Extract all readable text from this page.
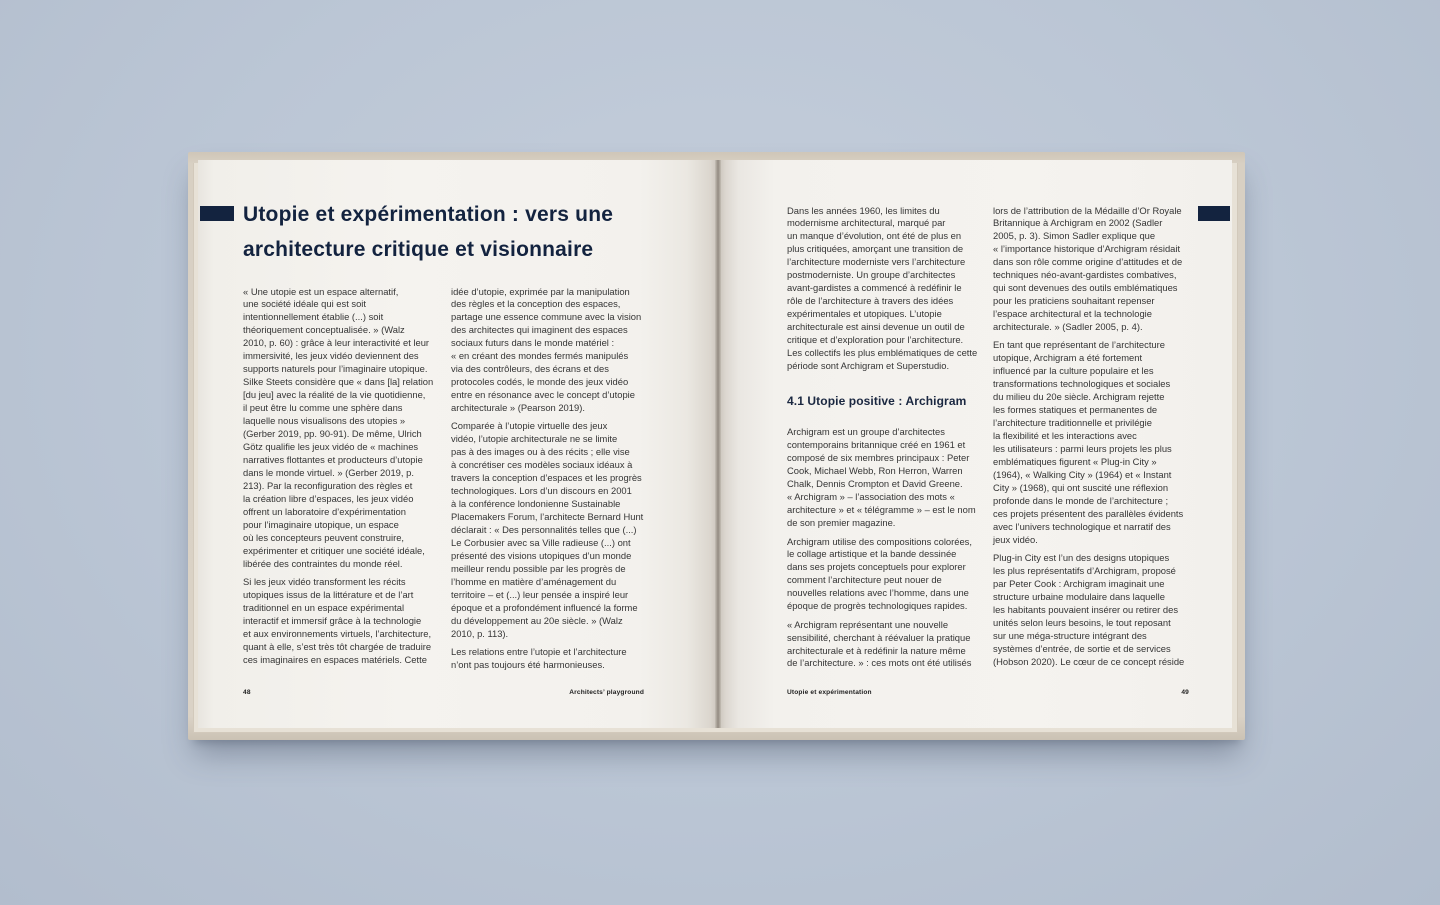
Utopie et expérimentation : vers une
architecture critique et visionnaire

« Une utopie est un espace alternatif,
une société idéale qui est soit
intentionnellement établie (...) soit
théoriquement conceptualisée. » (Walz
2010, p. 60) : grâce à leur interactivité et leur
immersivité, les jeux vidéo deviennent des
supports naturels pour l’imaginaire utopique.
Silke Steets considère que « dans [la] relation
[du jeu] avec la réalité de la vie quotidienne,
il peut être lu comme une sphère dans
laquelle nous visualisons des utopies »
(Gerber 2019, pp. 90-91). De même, Ulrich
Götz qualifie les jeux vidéo de « machines
narratives flottantes et producteurs d’utopie
dans le monde virtuel. » (Gerber 2019, p.
213). Par la reconfiguration des règles et
la création libre d’espaces, les jeux vidéo
offrent un laboratoire d’expérimentation
pour l’imaginaire utopique, un espace
où les concepteurs peuvent construire,
expérimenter et critiquer une société idéale,
libérée des contraintes du monde réel.

Si les jeux vidéo transforment les récits
utopiques issus de la littérature et de l’art
traditionnel en un espace expérimental
interactif et immersif grâce à la technologie
et aux environnements virtuels, l’architecture,
quant à elle, s’est très tôt chargée de traduire
ces imaginaires en espaces matériels. Cette

idée d’utopie, exprimée par la manipulation
des règles et la conception des espaces,
partage une essence commune avec la vision
des architectes qui imaginent des espaces
sociaux futurs dans le monde matériel :
« en créant des mondes fermés manipulés
via des contrôleurs, des écrans et des
protocoles codés, le monde des jeux vidéo
entre en résonance avec le concept d’utopie
architecturale » (Pearson 2019).

Comparée à l’utopie virtuelle des jeux
vidéo, l’utopie architecturale ne se limite
pas à des images ou à des récits ; elle vise
à concrétiser ces modèles sociaux idéaux à
travers la conception d’espaces et les progrès
technologiques. Lors d’un discours en 2001
à la conférence londonienne Sustainable
Placemakers Forum, l’architecte Bernard Hunt
déclarait : « Des personnalités telles que (...)
Le Corbusier avec sa Ville radieuse (...) ont
présenté des visions utopiques d’un monde
meilleur rendu possible par les progrès de
l’homme en matière d’aménagement du
territoire – et (...) leur pensée a inspiré leur
époque et a profondément influencé la forme
du développement au 20e siècle. » (Walz
2010, p. 113).

Les relations entre l’utopie et l’architecture
n’ont pas toujours été harmonieuses.

48	Architects’ playground

Dans les années 1960, les limites du
modernisme architectural, marqué par
un manque d’évolution, ont été de plus en
plus critiquées, amorçant une transition de
l’architecture moderniste vers l’architecture
postmoderniste. Un groupe d’architectes
avant-gardistes a commencé à redéfinir le
rôle de l’architecture à travers des idées
expérimentales et utopiques. L’utopie
architecturale est ainsi devenue un outil de
critique et d’exploration pour l’architecture.
Les collectifs les plus emblématiques de cette
période sont Archigram et Superstudio.

4.1 Utopie positive : Archigram

Archigram est un groupe d’architectes
contemporains britannique créé en 1961 et
composé de six membres principaux : Peter
Cook, Michael Webb, Ron Herron, Warren
Chalk, Dennis Crompton et David Greene.
« Archigram » – l’association des mots «
architecture » et « télégramme » – est le nom
de son premier magazine.

Archigram utilise des compositions colorées,
le collage artistique et la bande dessinée
dans ses projets conceptuels pour explorer
comment l’architecture peut nouer de
nouvelles relations avec l’homme, dans une
époque de progrès technologiques rapides.

« Archigram représentant une nouvelle
sensibilité, cherchant à réévaluer la pratique
architecturale et à redéfinir la nature même
de l’architecture. » : ces mots ont été utilisés

lors de l’attribution de la Médaille d’Or Royale
Britannique à Archigram en 2002 (Sadler
2005, p. 3). Simon Sadler explique que
« l’importance historique d’Archigram résidait
dans son rôle comme origine d’attitudes et de
techniques néo-avant-gardistes combatives,
qui sont devenues des outils emblématiques
pour les praticiens souhaitant repenser
l’espace architectural et la technologie
architecturale. » (Sadler 2005, p. 4).

En tant que représentant de l’architecture
utopique, Archigram a été fortement
influencé par la culture populaire et les
transformations technologiques et sociales
du milieu du 20e siècle. Archigram rejette
les formes statiques et permanentes de
l’architecture traditionnelle et privilégie
la flexibilité et les interactions avec
les utilisateurs : parmi leurs projets les plus
emblématiques figurent « Plug-in City »
(1964), « Walking City » (1964) et « Instant
City » (1968), qui ont suscité une réflexion
profonde dans le monde de l’architecture ;
ces projets présentent des parallèles évidents
avec l’univers technologique et narratif des
jeux vidéo.

Plug-in City est l’un des designs utopiques
les plus représentatifs d’Archigram, proposé
par Peter Cook : Archigram imaginait une
structure urbaine modulaire dans laquelle
les habitants pouvaient insérer ou retirer des
unités selon leurs besoins, le tout reposant
sur une méga-structure intégrant des
systèmes d’entrée, de sortie et de services
(Hobson 2020). Le cœur de ce concept réside

Utopie et expérimentation	49
